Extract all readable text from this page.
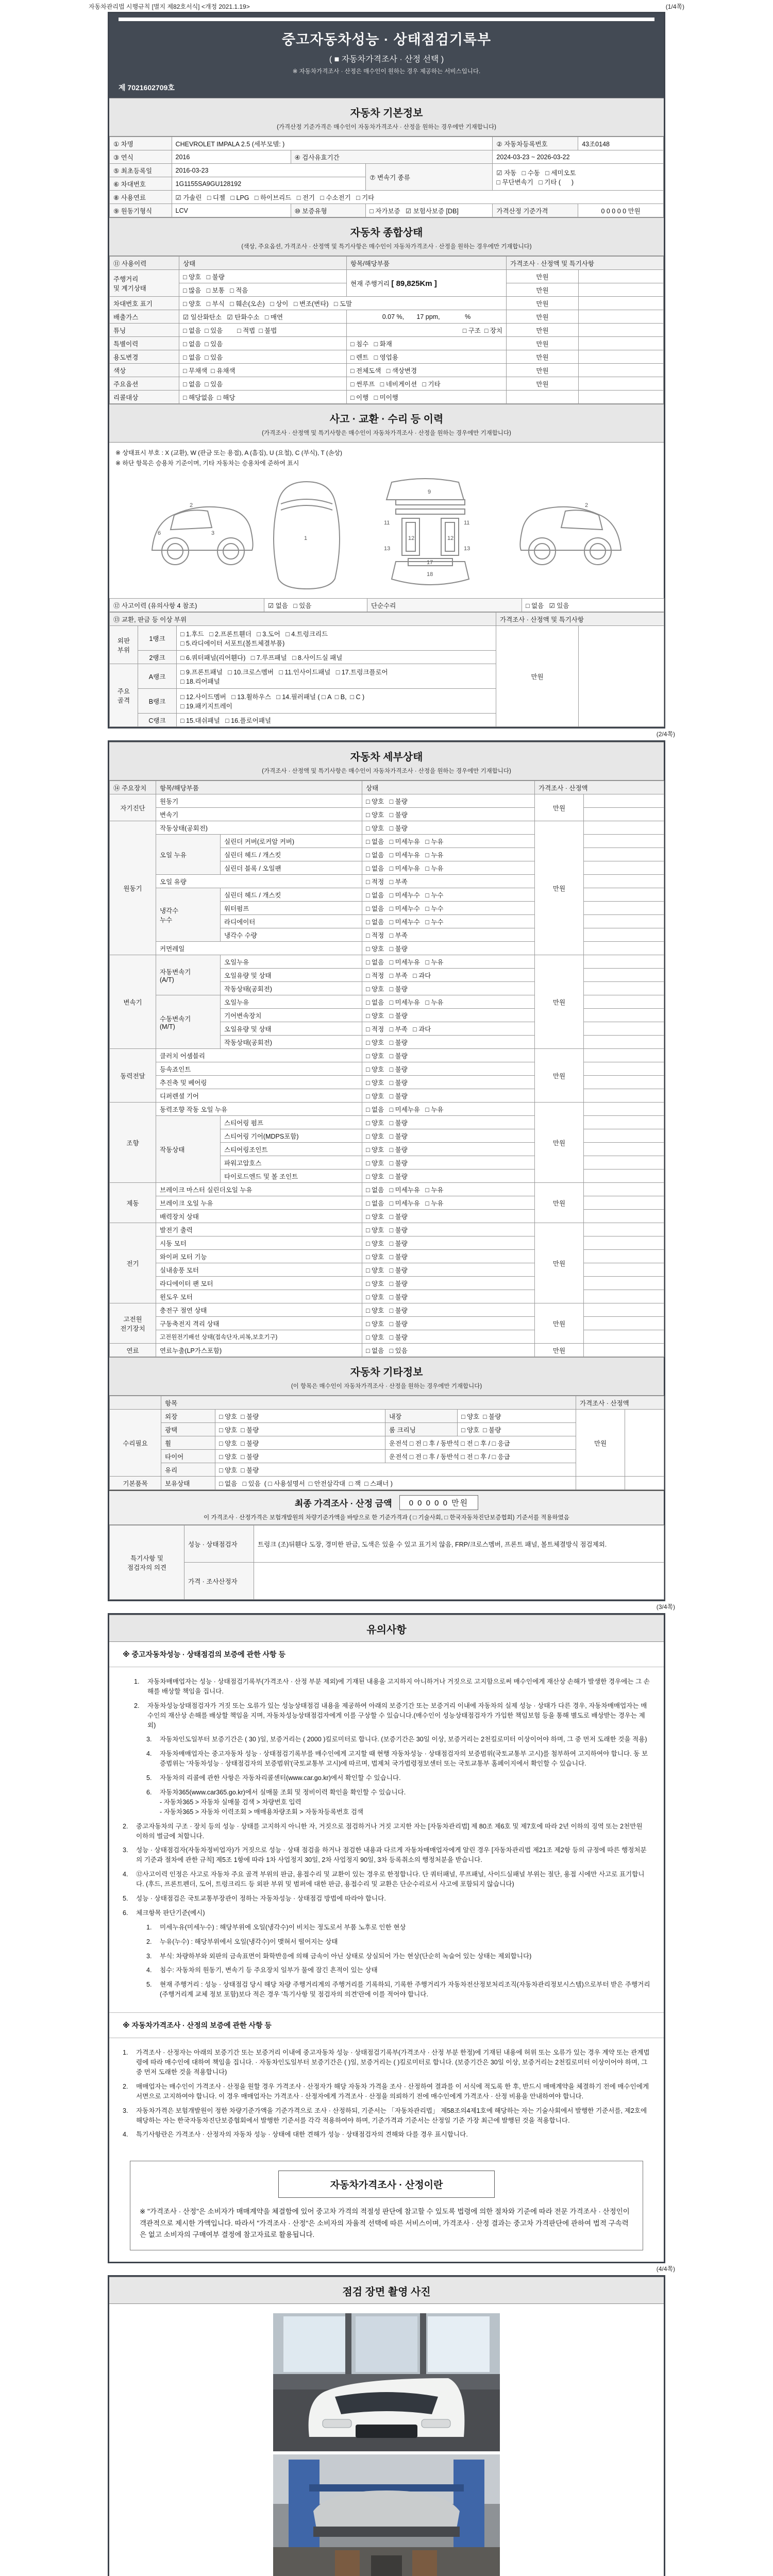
자동차관리법 시행규칙 [별지 제82호서식] <개정 2021.1.19>	(1/4쪽)
중고자동차성능 · 상태점검기록부
( ■ 자동차가격조사 · 산정 선택 )
※ 자동차가격조사 · 산정은 매수인이 원하는 경우 제공하는 서비스입니다.
제 7021602709호
자동차 기본정보
(가격산정 기준가격은 매수인이 자동차가격조사 · 산정을 원하는 경우에만 기재합니다)
① 차명	CHEVROLET IMPALA 2.5 (세부모델: )			② 자동차등록번호	43조0148
③ 연식	2016	④ 검사유효기간		2024-03-23 ~ 2026-03-22	
⑤ 최초등록일	2016-03-23		⑦ 변속기 종류	☑ 자동   □ 수동   □ 세미오토
□ 무단변속기   □ 기타 (      )	

⑥ 차대번호	1G1155SA9GU128192				
⑧ 사용연료	☑ 가솔린   □ 디젤   □ LPG   □ 하이브리드   □ 전기   □ 수소전기   □ 기타				
⑨ 원동기형식	LCV	⑩ 보증유형	□ 자가보증   ☑ 보험사보증 [DB]	가격산정 기준가격	0 0 0 0 0 만원
자동차 종합상태
(색상, 주요옵션, 가격조사 · 산정액 및 특기사항은 매수인이 자동차가격조사 · 산정을 원하는 경우에만 기재합니다)
⑪ 사용이력	상태	항목/해당부품	가격조사 · 산정액 및 특기사항	
주행거리
및 계기상태	□ 양호   □ 불량	현재 주행거리 [ 89,825Km ]	만원	
	□ 많음   □ 보통   □ 적음		만원	
차대번호 표기	□ 양호   □ 부식   □ 훼손(오손)   □ 상이   □ 변조(변타)   □ 도말		만원	
배출가스	☑ 일산화탄소   ☑ 탄화수소   □ 매연	0.07 %,       17 ppm,              %	만원	
튜닝	□ 없음  □ 있음        □ 적법  □ 불법	□ 구조  □ 장치	만원	
특별이력	□ 없음  □ 있음	□ 침수   □ 화재	만원	
용도변경	□ 없음  □ 있음	□ 렌트   □ 영업용	만원	
색상	□ 무채색  □ 유채색	□ 전체도색   □ 색상변경	만원	
주요옵션	□ 없음  □ 있음	□ 썬루프   □ 네비게이션   □ 기타	만원	
리콜대상	□ 해당없음  □ 해당	□ 이행   □ 미이행		
사고 · 교환 · 수리 등 이력
(가격조사 · 산정액 및 특기사항은 매수인이 자동차가격조사 · 산정을 원하는 경우에만 기재합니다)
※ 상태표시 부호 : X (교환), W (판금 또는 용접), A (흠집), U (요철), C (부식), T (손상)
※ 하단 항목은 승용차 기준이며, 기타 자동차는 승용차에 준하여 표시
2
3
6
1
9
11	11
13	13
12	12
17
18
2
⑫ 사고이력 (유의사항 4 참조)	☑ 없음   □ 있음	단순수리	□ 없음   ☑ 있음
⑬ 교환, 판금 등 이상 부위			가격조사 · 산정액 및 특기사항	
외판
부위	1랭크	□ 1.후드   □ 2.프론트휀더   □ 3.도어   □ 4.트렁크리드
□ 5.라디에이터 서포트(볼트체결부품)	만원	
	2랭크	□ 6.쿼터패널(리어휀다)   □ 7.루프패널   □ 8.사이드실 패널		
주요
골격	A랭크	□ 9.프론트패널   □ 10.크로스멤버   □ 11.인사이드패널   □ 17.트렁크플로어
□ 18.리어패널		
	B랭크	□ 12.사이드멤버   □ 13.휠하우스   □ 14.필러패널 ( □ A  □ B,  □ C )
□ 19.패키지트레이		
	C랭크	□ 15.대쉬패널   □ 16.플로어패널		
(2/4쪽)
자동차 세부상태
(가격조사 · 산정액 및 특기사항은 매수인이 자동차가격조사 · 산정을 원하는 경우에만 기재합니다)
⑭ 주요장치	항목/해당부품		상태	가격조사 · 산정액	
자기진단	원동기		□ 양호   □ 불량	만원	
	변속기		□ 양호   □ 불량		
원동기	작동상태(공회전)		□ 양호   □ 불량	만원	
	오일 누유	실린더 커버(로커암 커버)	□ 없음   □ 미세누유   □ 누유		
		실린더 헤드 / 개스킷	□ 없음   □ 미세누유   □ 누유		
		실린더 블록 / 오일팬	□ 없음   □ 미세누유   □ 누유		
	오일 유량		□ 적정   □ 부족		
	냉각수
누수	실린더 헤드 / 개스킷	□ 없음   □ 미세누수   □ 누수		
		워터펌프	□ 없음   □ 미세누수   □ 누수		
		라디에이터	□ 없음   □ 미세누수   □ 누수		
		냉각수 수량	□ 적정   □ 부족		
	커먼레일		□ 양호   □ 불량		
변속기	자동변속기
(A/T)	오일누유	□ 없음   □ 미세누유   □ 누유	만원	
		오일유량 및 상태	□ 적정   □ 부족   □ 과다		
		작동상태(공회전)	□ 양호   □ 불량		
	수동변속기
(M/T)	오일누유	□ 없음   □ 미세누유   □ 누유		
		기어변속장치	□ 양호   □ 불량		
		오일유량 및 상태	□ 적정   □ 부족   □ 과다		
		작동상태(공회전)	□ 양호   □ 불량		
동력전달	클러치 어셈블리		□ 양호   □ 불량	만원	
	등속죠인트		□ 양호   □ 불량		
	추진축 및 베어링		□ 양호   □ 불량		
	디퍼렌셜 기어		□ 양호   □ 불량		
조향	동력조향 작동 오일 누유		□ 없음   □ 미세누유   □ 누유	만원	
	작동상태	스티어링 펌프	□ 양호   □ 불량		
		스티어링 기어(MDPS포함)	□ 양호   □ 불량		
		스티어링조인트	□ 양호   □ 불량		
		파워고압호스	□ 양호   □ 불량		
		타이로드엔드 및 볼 조인트	□ 양호   □ 불량		
제동	브레이크 마스터 실린더오일 누유		□ 없음   □ 미세누유   □ 누유	만원	
	브레이크 오일 누유		□ 없음   □ 미세누유   □ 누유		
	배력장치 상태		□ 양호   □ 불량		
전기	발전기 출력		□ 양호   □ 불량	만원	
	시동 모터		□ 양호   □ 불량		
	와이퍼 모터 기능		□ 양호   □ 불량		
	실내송풍 모터		□ 양호   □ 불량		
	라디에이터 팬 모터		□ 양호   □ 불량		
	윈도우 모터		□ 양호   □ 불량		
고전원
전기장치	충전구 절연 상태		□ 양호   □ 불량	만원	
	구동축전지 격리 상태		□ 양호   □ 불량		
	고전원전기배선 상태(접속단자,피복,보호기구)		□ 양호   □ 불량		
연료	연료누출(LP가스포함)		□ 없음   □ 있음	만원	
자동차 기타정보
(이 항목은 매수인이 자동차가격조사 · 산정을 원하는 경우에만 기재합니다)
	항목				가격조사 · 산정액	
수리필요	외장	□ 양호  □ 불량	내장	□ 양호  □ 불량	만원	
	광택	□ 양호  □ 불량	룸 크리닝	□ 양호  □ 불량		
	휠	□ 양호  □ 불량	운전석 □ 전 □ 후 / 동반석 □ 전 □ 후 / □ 응급			
	타이어	□ 양호  □ 불량	운전석 □ 전 □ 후 / 동반석 □ 전 □ 후 / □ 응급			
	유리	□ 양호  □ 불량				
기본품목	보유상태	□ 없음   □ 있음  ( □ 사용설명서  □ 안전삼각대  □ 잭  □ 스패너 )				
최종 가격조사 · 산정 금액	0 0 0 0 0 만원
이 가격조사 · 산정가격은 보험개발원의 차량기준가액을 바탕으로 한 기준가격과 ( □ 기술사회, □ 한국자동차진단보증협회) 기준서를 적용하였음
특기사항 및
점검자의 의견	성능 · 상태점검자	트렁크 (조)뒤휀다 도장, 경미한 판금, 도색은 있을 수 있고 표기치 않음, FRP/크로스멤버, 프론트 패널, 볼트체결방식 점검제외.
	가격 · 조사산정자	
(3/4쪽)
유의사항
※ 중고자동차성능 · 상태점검의 보증에 관한 사항 등
1.	자동차매매업자는 성능 · 상태점검기록부(가격조사 · 산정 부분 제외)에 기재된 내용을 고지하지 아니하거나 거짓으로 고지함으로써 매수인에게 재산상 손해가 발생한 경우에는 그 손해를 배상할 책임을 집니다.
2.	자동차성능상태점검자가 거짓 또는 오류가 있는 성능상태점검 내용을 제공하여 아래의 보증기간 또는 보증거리 이내에 자동차의 실제 성능 · 상태가 다른 경우, 자동차매매업자는 매수인의 재산상 손해를 배상할 책임을 지며, 자동차성능상태점검자에게 이를 구상할 수 있습니다.(매수인이 성능상태점검자가 가입한 책임보험 등을 통해 별도로 배상받는 경우는 제외)
3.	자동차인도일부터 보증기간은 ( 30 )일, 보증거리는 ( 2000 )킬로미터로 합니다. (보증기간은 30일 이상, 보증거리는 2천킬로미터 이상이어야 하며, 그 중 먼저 도래한 것을 적용)
4.	자동차매매업자는 중고자동차 성능 · 상태점검기록부를 매수인에게 고지할 때 현행 자동차성능 · 상태점검자의 보증범위(국토교통부 고시)를 첨부하여 고지하여야 합니다. 동 보증범위는 '자동차성능 · 상태점검자의 보증범위'(국토교통부 고시)에 따르며, 법제처 국가법령정보센터 또는 국토교통부 홈페이지에서 확인할 수 있습니다.
5.	자동차의 리콜에 관한 사항은 자동차리콜센터(www.car.go.kr)에서 확인할 수 있습니다.
6.	자동차365(www.car365.go.kr)에서 실매물 조회 및 정비이력 확인을 확인할 수 있습니다.
- 자동차365 > 자동차 실매물 검색 > 차량번호 입력
- 자동차365 > 자동차 이력조회 > 매매용차량조회 > 자동차등록번호 검색
2.	중고자동차의 구조 · 장치 등의 성능 · 상태를 고지하지 아니한 자, 거짓으로 점검하거나 거짓 고지한 자는 [자동차관리법] 제 80조 제6호 및 제7호에 따라 2년 이하의 징역 또는 2천만원 이하의 벌금에 처합니다.
3.	성능 · 상태점검자(자동차정비업자)가 거짓으로 성능 · 상태 점검을 하거나 점검한 내용과 다르게 자동차매매업자에게 알린 경우 [자동차관리법 제21조 제2항 등의 규정에 따른 행정처분의 기준과 절차에 관한 규칙] 제5조 1항에 따라 1차 사업정지 30일, 2차 사업정지 90일, 3차 등록취소의 행정처분을 받습니다.
4.	⑫사고이력 인정은 사고로 자동차 주요 골격 부위의 판금, 용접수리 및 교환이 있는 경우로 한정합니다. 단 쿼터패널, 루프패널, 사이드실패널 부위는 절단, 용접 시에만 사고로 표기합니다. (후드, 프론트펜더, 도어, 트렁크리드 등 외판 부위 및 범퍼에 대한 판금, 용접수리 및 교환은 단순수리로서 사고에 포함되지 않습니다)
5.	성능 · 상태점검은 국토교통부장관이 정하는 자동차성능 · 상태점검 방법에 따라야 합니다.
6.	체크항목 판단기준(예시)
1.	미세누유(미세누수) : 해당부위에 오일(냉각수)이 비치는 정도로서 부품 노후로 인한 현상
2.	누유(누수) : 해당부위에서 오일(냉각수)이 맺혀서 떨어지는 상태
3.	부식: 차량하부와 외판의 금속표면이 화학반응에 의해 금속이 아닌 상태로 상실되어 가는 현상(단순히 녹슬어 있는 상태는 제외합니다)
4.	침수: 자동차의 원동기, 변속기 등 주요장치 일부가 물에 잠긴 흔적이 있는 상태
5.	현재 주행거리 : 성능 · 상태점검 당시 해당 차량 주행거리계의 주행거리를 기록하되, 기록한 주행거리가 자동차전산정보처리조직(자동차관리정보시스템)으로부터 받은 주행거리(주행거리계 교체 정보 포함)보다 적은 경우 '특기사항 및 점검자의 의견'란에 이를 적어야 합니다.
※ 자동차가격조사 · 산정의 보증에 관한 사항 등
1.	가격조사 · 산정자는 아래의 보증기간 또는 보증거리 이내에 중고자동차 성능 · 상태점검기록부(가격조사 · 산정 부분 한정)에 기재된 내용에 허위 또는 오류가 있는 경우 계약 또는 관계법령에 따라 매수인에 대하여 책임을 집니다. · 자동차인도일부터 보증기간은 ( )일, 보증거리는 ( )킬로미터로 합니다. (보증기간은 30일 이상, 보증거리는 2천킬로미터 이상이어야 하며, 그 중 먼저 도래한 것을 적용합니다)
2.	매매업자는 매수인이 가격조사 · 산정을 원할 경우 가격조사 · 산정자가 해당 자동차 가격을 조사 · 산정하여 결과를 이 서식에 적도록 한 후, 반드시 매매계약을 체결하기 전에 매수인에게 서면으로 고지하여야 합니다. 이 경우 매매업자는 가격조사 · 산정자에게 가격조사 · 산정을 의뢰하기 전에 매수인에게 가격조사 · 산정 비용을 안내하여야 합니다.
3.	자동차가격은 보험개발원이 정한 차량기준가액을 기준가격으로 조사 · 산정하되, 기준서는 「자동차관리법」 제58조의4제1호에 해당하는 자는 기술사회에서 발행한 기준서를, 제2호에 해당하는 자는 한국자동차진단보증협회에서 발행한 기준서를 각각 적용하여야 하며, 기준가격과 기준서는 산정일 기준 가장 최근에 발행된 것을 적용합니다.
4.	특기사항란은 가격조사 · 산정자의 자동차 성능 · 상태에 대한 견해가 성능 · 상태점검자의 견해와 다를 경우 표시합니다.
자동차가격조사 · 산정이란
※ "가격조사 · 산정"은 소비자가 매매계약을 체결함에 있어 중고차 가격의 적절성 판단에 참고할 수 있도록 법령에 의한 절차와 기준에 따라 전문 가격조사 · 산정인이 객관적으로 제시한 가액입니다. 따라서 "가격조사 · 산정"은 소비자의 자율적 선택에 따른 서비스이며, 가격조사 · 산정 결과는 중고차 가격판단에 관하여 법적 구속력은 없고 소비자의 구매여부 결정에 참고자료로 활용됩니다.
(4/4쪽)
점검 장면 촬영 사진
